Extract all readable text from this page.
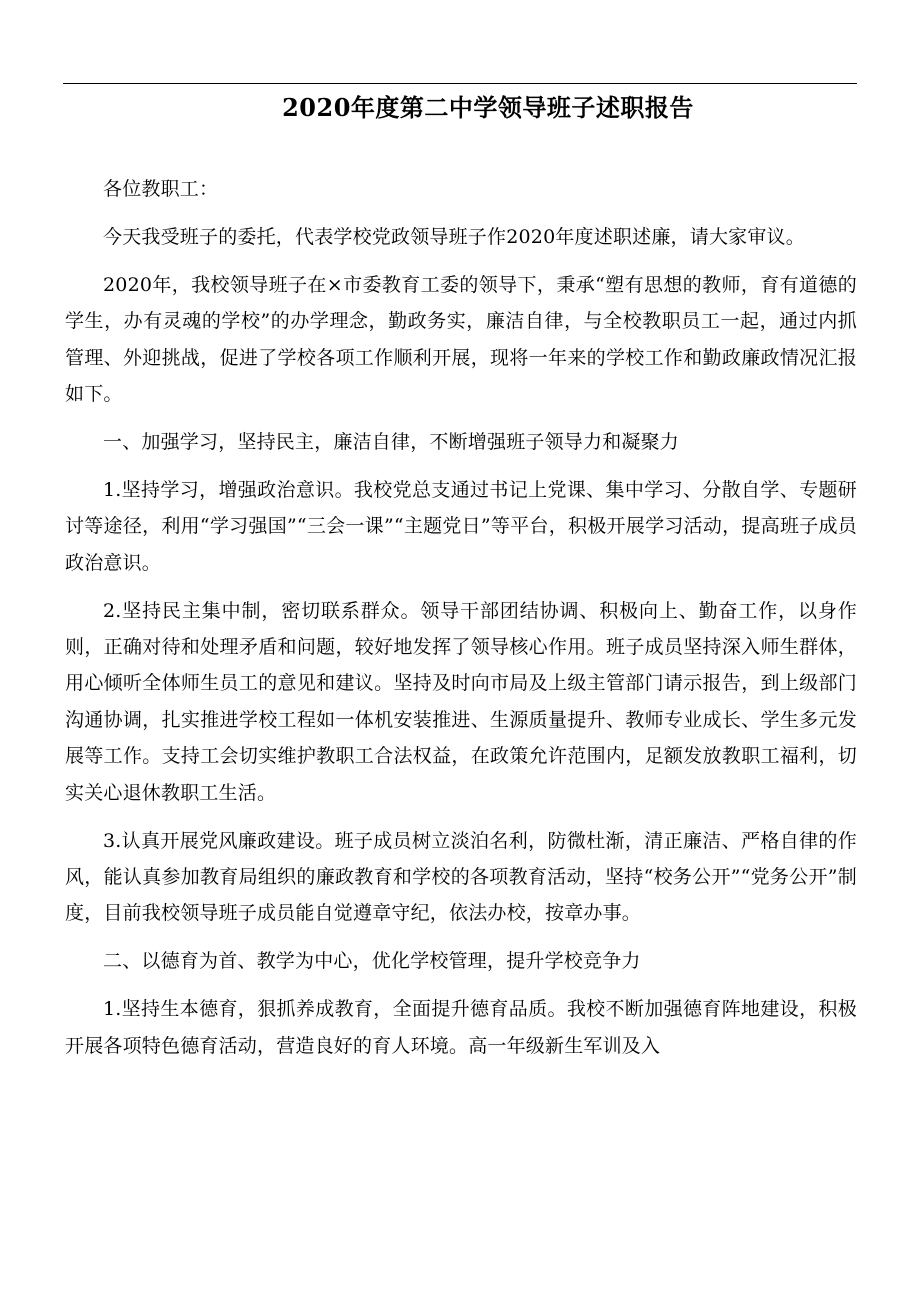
2020年度第二中学领导班子述职报告

各位教职工：

今天我受班子的委托，代表学校党政领导班子作2020年度述职述廉，请大家审议。

2020年，我校领导班子在×市委教育工委的领导下，秉承“塑有思想的教师，育有道德的学生，办有灵魂的学校”的办学理念，勤政务实，廉洁自律，与全校教职员工一起，通过内抓管理、外迎挑战，促进了学校各项工作顺利开展，现将一年来的学校工作和勤政廉政情况汇报如下。

一、加强学习，坚持民主，廉洁自律，不断增强班子领导力和凝聚力

1.坚持学习，增强政治意识。我校党总支通过书记上党课、集中学习、分散自学、专题研讨等途径，利用“学习强国”“三会一课”“主题党日”等平台，积极开展学习活动，提高班子成员政治意识。

2.坚持民主集中制，密切联系群众。领导干部团结协调、积极向上、勤奋工作，以身作则，正确对待和处理矛盾和问题，较好地发挥了领导核心作用。班子成员坚持深入师生群体，用心倾听全体师生员工的意见和建议。坚持及时向市局及上级主管部门请示报告，到上级部门沟通协调，扎实推进学校工程如一体机安装推进、生源质量提升、教师专业成长、学生多元发展等工作。支持工会切实维护教职工合法权益，在政策允许范围内，足额发放教职工福利，切实关心退休教职工生活。

3.认真开展党风廉政建设。班子成员树立淡泊名利，防微杜渐，清正廉洁、严格自律的作风，能认真参加教育局组织的廉政教育和学校的各项教育活动，坚持“校务公开”“党务公开”制度，目前我校领导班子成员能自觉遵章守纪，依法办校，按章办事。

二、以德育为首、教学为中心，优化学校管理，提升学校竞争力

1.坚持生本德育，狠抓养成教育，全面提升德育品质。我校不断加强德育阵地建设，积极开展各项特色德育活动，营造良好的育人环境。高一年级新生军训及入
